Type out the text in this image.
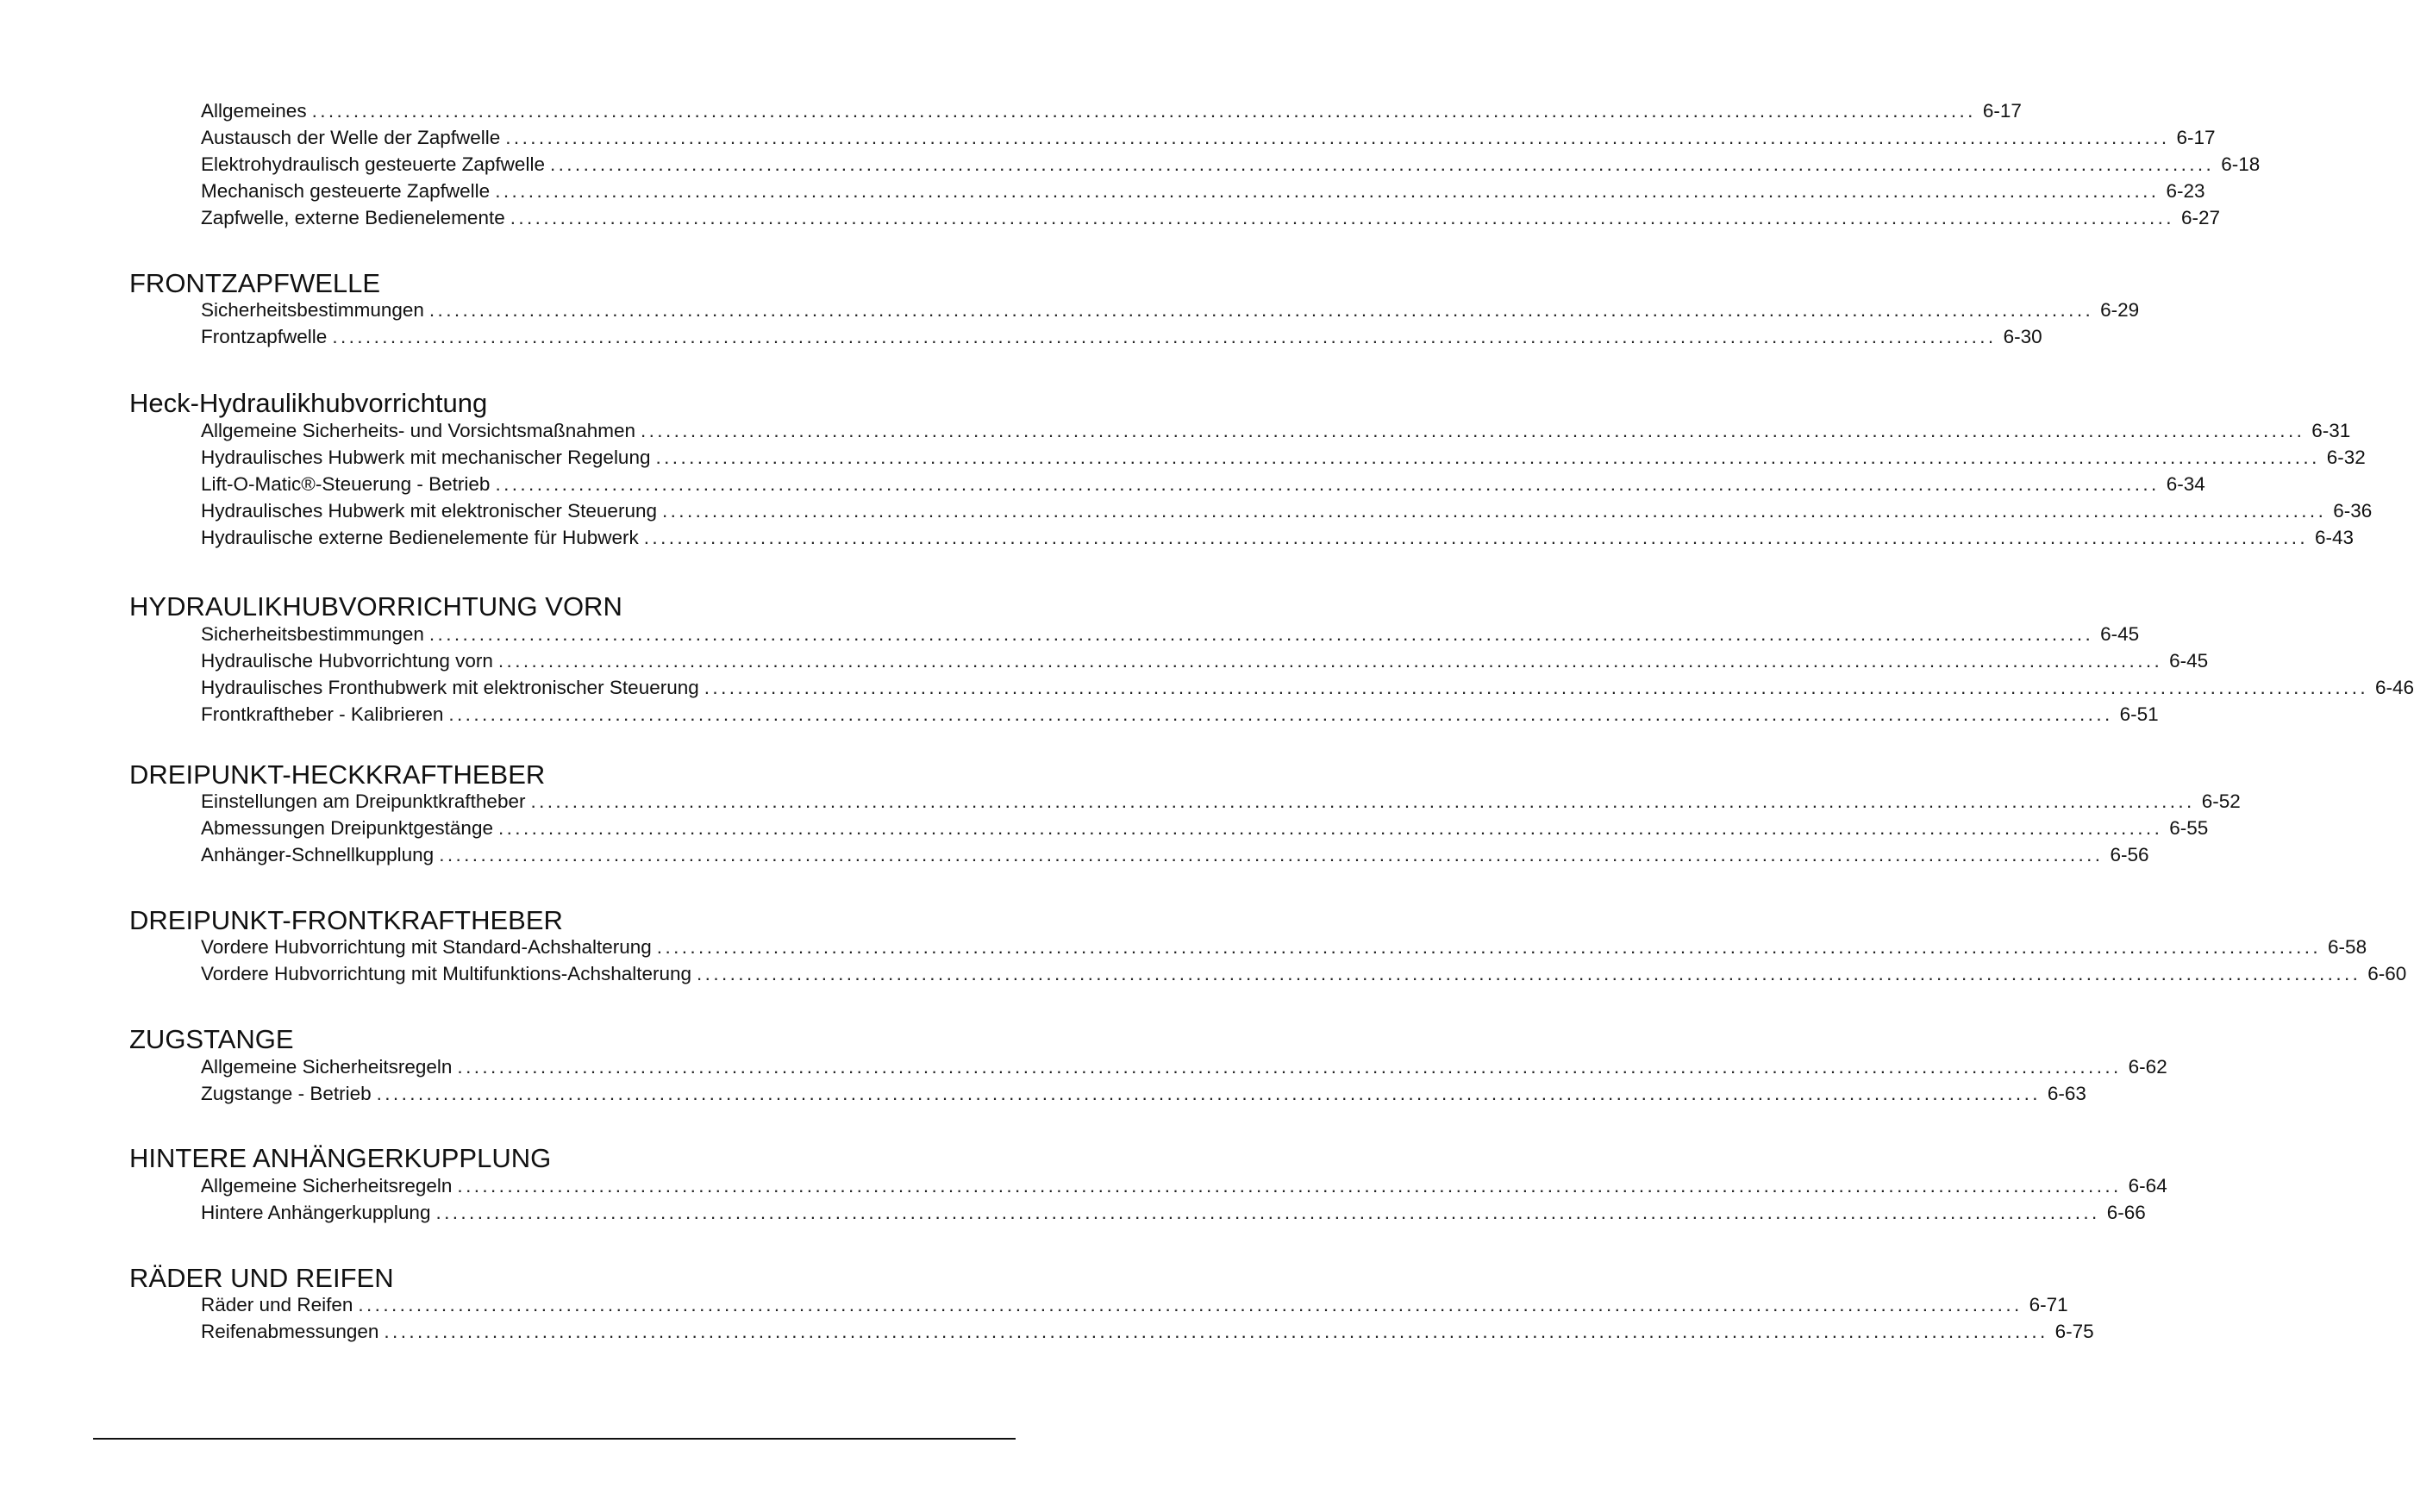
Allgemeines ........................................................................................................................................................................................................ 6-17
Austausch der Welle der Zapfwelle ........................................................................................................................................................................................................ 6-17
Elektrohydraulisch gesteuerte Zapfwelle ........................................................................................................................................................................................................ 6-18
Mechanisch gesteuerte Zapfwelle ........................................................................................................................................................................................................ 6-23
Zapfwelle, externe Bedienelemente ........................................................................................................................................................................................................ 6-27
FRONTZAPFWELLE
Sicherheitsbestimmungen ........................................................................................................................................................................................................ 6-29
Frontzapfwelle ........................................................................................................................................................................................................ 6-30
Heck-Hydraulikhubvorrichtung
Allgemeine Sicherheits- und Vorsichtsmaßnahmen ........................................................................................................................................................................................................ 6-31
Hydraulisches Hubwerk mit mechanischer Regelung ........................................................................................................................................................................................................ 6-32
Lift-O-Matic®-Steuerung - Betrieb ........................................................................................................................................................................................................ 6-34
Hydraulisches Hubwerk mit elektronischer Steuerung ........................................................................................................................................................................................................ 6-36
Hydraulische externe Bedienelemente für Hubwerk ........................................................................................................................................................................................................ 6-43
HYDRAULIKHUBVORRICHTUNG VORN
Sicherheitsbestimmungen ........................................................................................................................................................................................................ 6-45
Hydraulische Hubvorrichtung vorn ........................................................................................................................................................................................................ 6-45
Hydraulisches Fronthubwerk mit elektronischer Steuerung ........................................................................................................................................................................................................ 6-46
Frontkraftheber - Kalibrieren ........................................................................................................................................................................................................ 6-51
DREIPUNKT-HECKKRAFTHEBER
Einstellungen am Dreipunktkraftheber ........................................................................................................................................................................................................ 6-52
Abmessungen Dreipunktgestänge ........................................................................................................................................................................................................ 6-55
Anhänger-Schnellkupplung ........................................................................................................................................................................................................ 6-56
DREIPUNKT-FRONTKRAFTHEBER
Vordere Hubvorrichtung mit Standard-Achshalterung ........................................................................................................................................................................................................ 6-58
Vordere Hubvorrichtung mit Multifunktions-Achshalterung ........................................................................................................................................................................................................ 6-60
ZUGSTANGE
Allgemeine Sicherheitsregeln ........................................................................................................................................................................................................ 6-62
Zugstange - Betrieb ........................................................................................................................................................................................................ 6-63
HINTERE ANHÄNGERKUPPLUNG
Allgemeine Sicherheitsregeln ........................................................................................................................................................................................................ 6-64
Hintere Anhängerkupplung ........................................................................................................................................................................................................ 6-66
RÄDER UND REIFEN
Räder und Reifen ........................................................................................................................................................................................................ 6-71
Reifenabmessungen ........................................................................................................................................................................................................ 6-75
